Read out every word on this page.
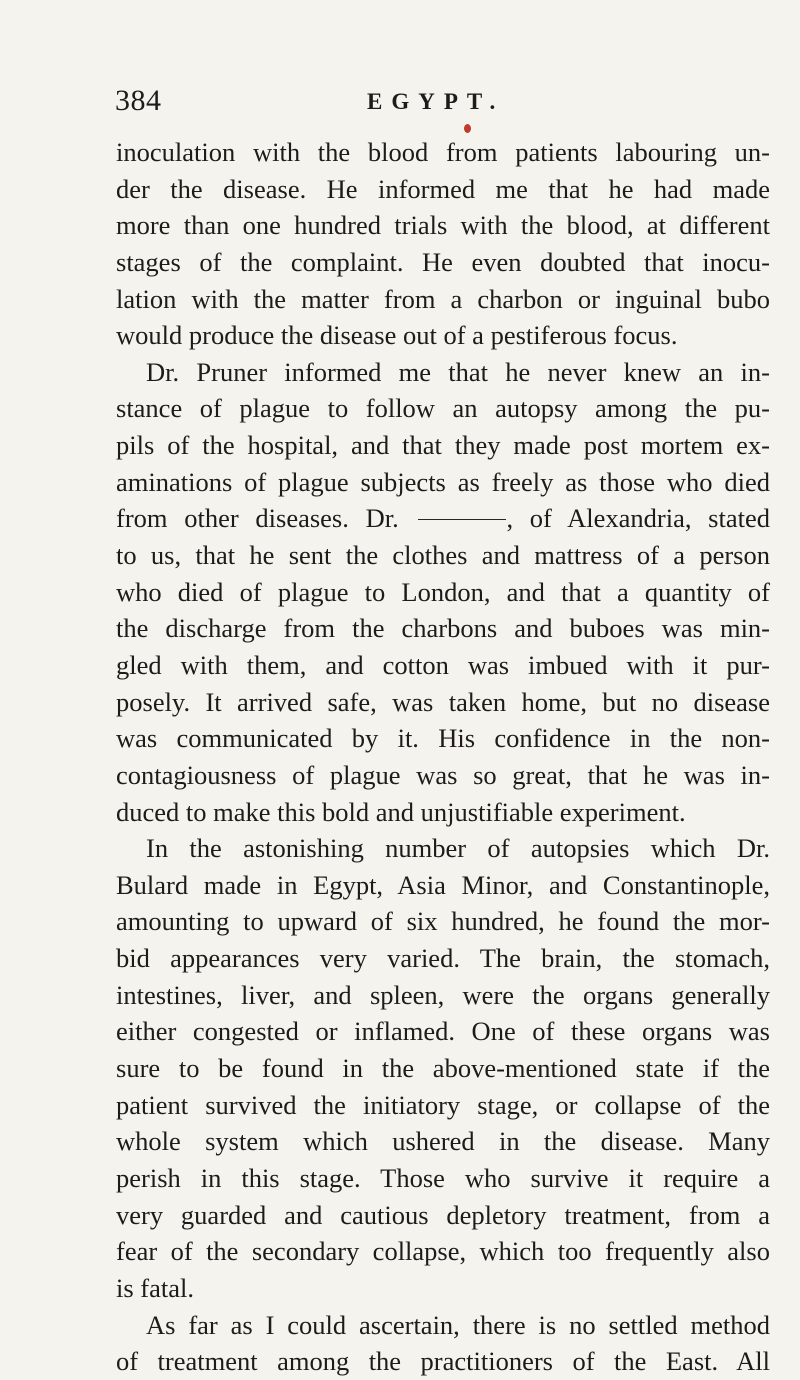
384	EGYPT.
inoculation with the blood from patients labouring un-
der the disease. He informed me that he had made
more than one hundred trials with the blood, at different
stages of the complaint. He even doubted that inocu-
lation with the matter from a charbon or inguinal bubo
would produce the disease out of a pestiferous focus.
Dr. Pruner informed me that he never knew an in-
stance of plague to follow an autopsy among the pu-
pils of the hospital, and that they made post mortem ex-
aminations of plague subjects as freely as those who died
from other diseases. Dr.	, of Alexandria, stated
to us, that he sent the clothes and mattress of a person
who died of plague to London, and that a quantity of
the discharge from the charbons and buboes was min-
gled with them, and cotton was imbued with it pur-
posely. It arrived safe, was taken home, but no disease
was communicated by it. His confidence in the non-
contagiousness of plague was so great, that he was in-
duced to make this bold and unjustifiable experiment.
In the astonishing number of autopsies which Dr.
Bulard made in Egypt, Asia Minor, and Constantinople,
amounting to upward of six hundred, he found the mor-
bid appearances very varied. The brain, the stomach,
intestines, liver, and spleen, were the organs generally
either congested or inflamed. One of these organs was
sure to be found in the above-mentioned state if the
patient survived the initiatory stage, or collapse of the
whole system which ushered in the disease. Many
perish in this stage. Those who survive it require a
very guarded and cautious depletory treatment, from a
fear of the secondary collapse, which too frequently also
is fatal.
As far as I could ascertain, there is no settled method
of treatment among the practitioners of the East. All
